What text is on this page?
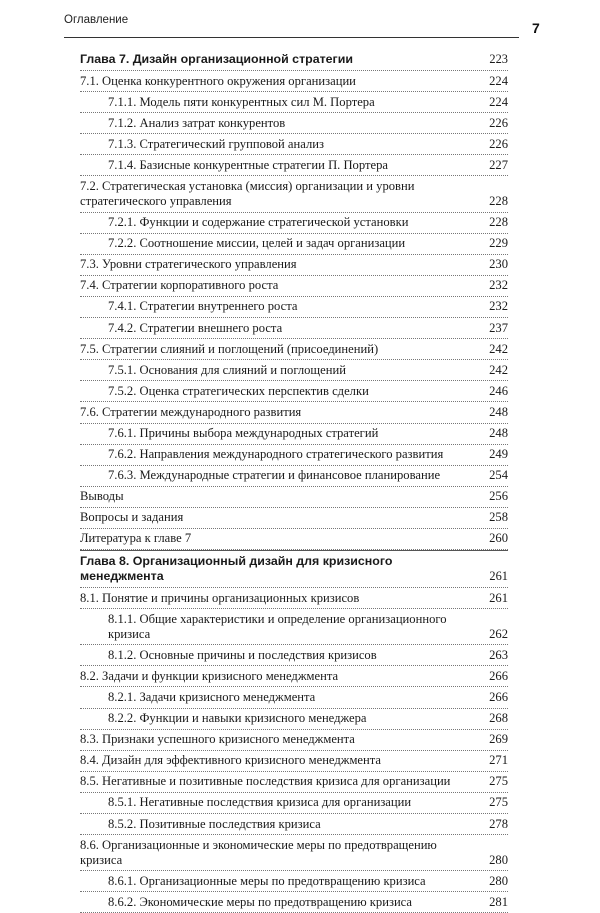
Оглавление	7
Глава 7. Дизайн организационной стратегии	223
7.1. Оценка конкурентного окружения организации	224
7.1.1. Модель пяти конкурентных сил М. Портера	224
7.1.2. Анализ затрат конкурентов	226
7.1.3. Стратегический групповой анализ	226
7.1.4. Базисные конкурентные стратегии П. Портера	227
7.2. Стратегическая установка (миссия) организации и уровни стратегического управления	228
7.2.1. Функции и содержание стратегической установки	228
7.2.2. Соотношение миссии, целей и задач организации	229
7.3. Уровни стратегического управления	230
7.4. Стратегии корпоративного роста	232
7.4.1. Стратегии внутреннего роста	232
7.4.2. Стратегии внешнего роста	237
7.5. Стратегии слияний и поглощений (присоединений)	242
7.5.1. Основания для слияний и поглощений	242
7.5.2. Оценка стратегических перспектив сделки	246
7.6. Стратегии международного развития	248
7.6.1. Причины выбора международных стратегий	248
7.6.2. Направления международного стратегического развития	249
7.6.3. Международные стратегии и финансовое планирование	254
Выводы	256
Вопросы и задания	258
Литература к главе 7	260
Глава 8. Организационный дизайн для кризисного менеджмента	261
8.1. Понятие и причины организационных кризисов	261
8.1.1. Общие характеристики и определение организационного кризиса	262
8.1.2. Основные причины и последствия кризисов	263
8.2. Задачи и функции кризисного менеджмента	266
8.2.1. Задачи кризисного менеджмента	266
8.2.2. Функции и навыки кризисного менеджера	268
8.3. Признаки успешного кризисного менеджмента	269
8.4. Дизайн для эффективного кризисного менеджмента	271
8.5. Негативные и позитивные последствия кризиса для организации	275
8.5.1. Негативные последствия кризиса для организации	275
8.5.2. Позитивные последствия кризиса	278
8.6. Организационные и экономические меры по предотвращению кризиса	280
8.6.1. Организационные меры по предотвращению кризиса	280
8.6.2. Экономические меры по предотвращению кризиса	281
